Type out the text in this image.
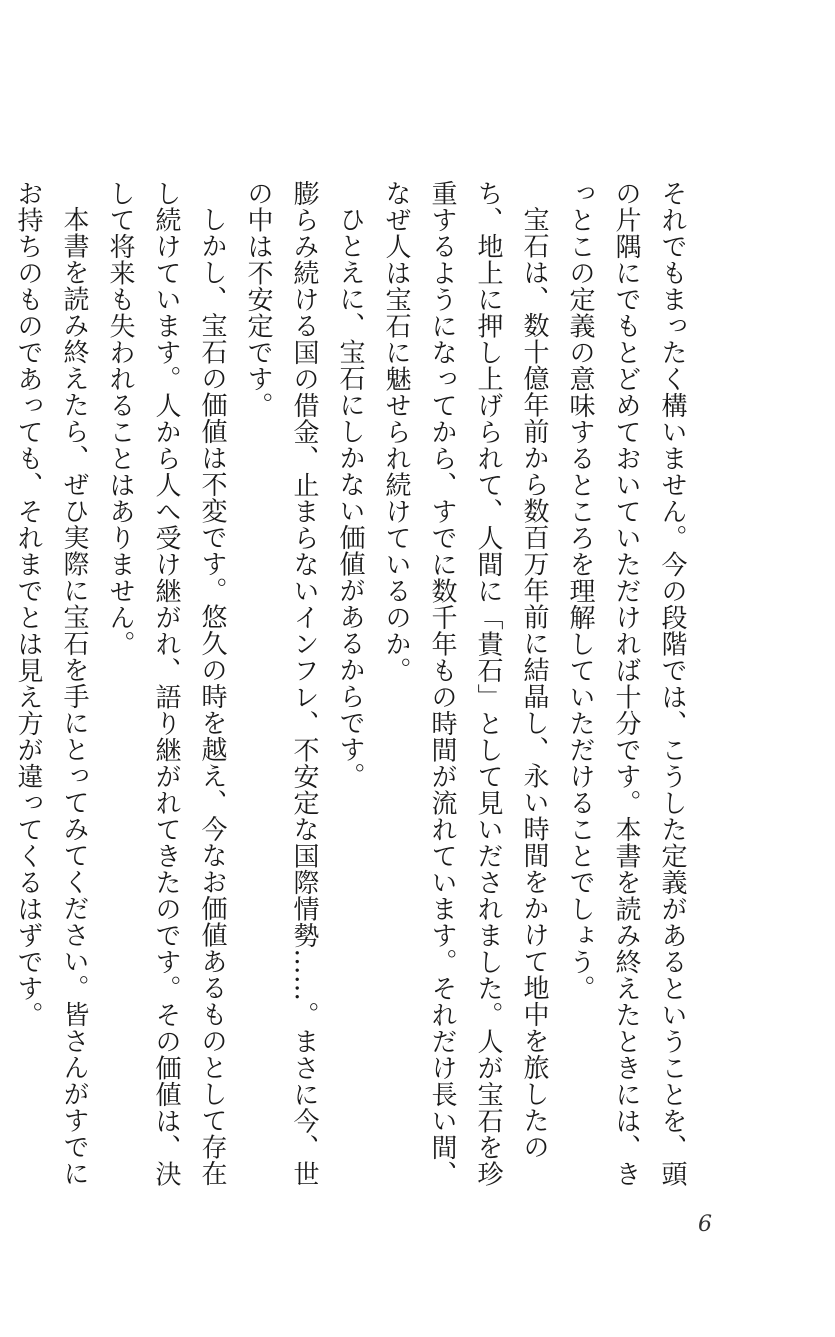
それでもまったく構いません。今の段階では、こうした定義があるということを、頭の片隅にでもとどめておいていただければ十分です。本書を読み終えたときには、きっとこの定義の意味するところを理解していただけることでしょう。

宝石は、数十億年前から数百万年前に結晶し、永い時間をかけて地中を旅したのち、地上に押し上げられて、人間に「貴石」として見いだされました。人が宝石を珍重するようになってから、すでに数千年もの時間が流れています。それだけ長い間、なぜ人は宝石に魅せられ続けているのか。

ひとえに、宝石にしかない価値があるからです。

膨らみ続ける国の借金、止まらないインフレ、不安定な国際情勢……。まさに今、世の中は不安定です。

しかし、宝石の価値は不変です。悠久の時を越え、今なお価値あるものとして存在し続けています。人から人へ受け継がれ、語り継がれてきたのです。その価値は、決して将来も失われることはありません。

本書を読み終えたら、ぜひ実際に宝石を手にとってみてください。皆さんがすでにお持ちのものであっても、それまでとは見え方が違ってくるはずです。

6
